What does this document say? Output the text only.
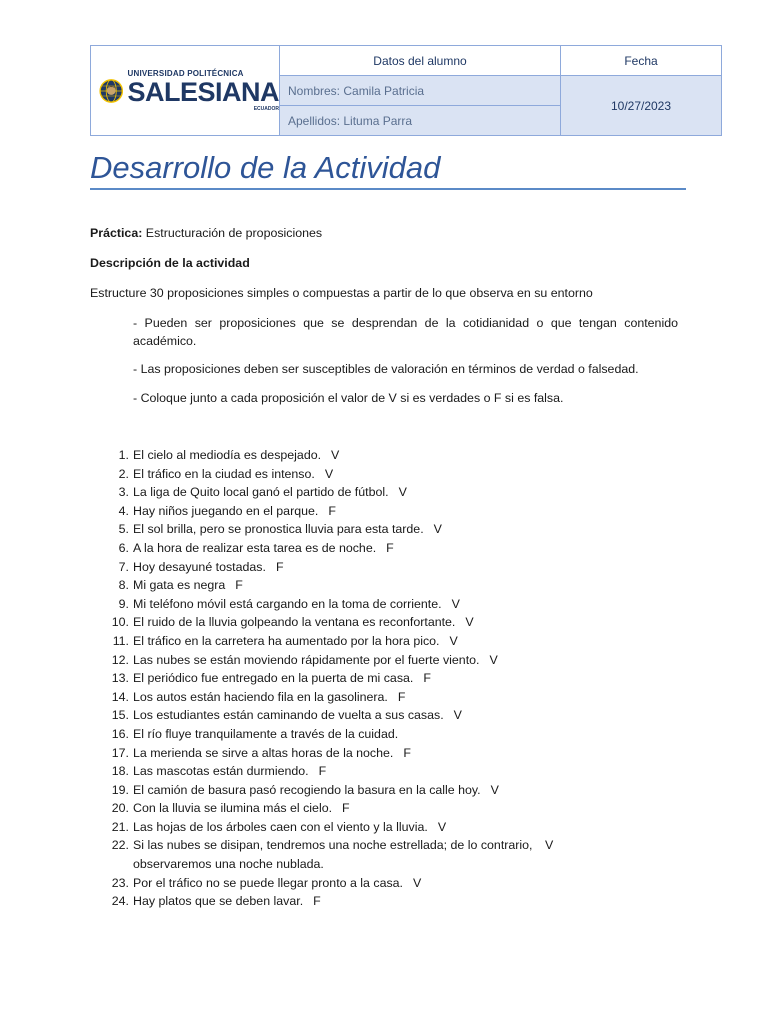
UNIVERSIDAD POLITÉCNICA
SALESIANA
ECUADOR	Datos del alumno	Fecha
	Nombres: Camila Patricia	10/27/2023
	Apellidos: Lituma Parra	
Desarrollo de la Actividad

Práctica: Estructuración de proposiciones

Descripción de la actividad

Estructure 30 proposiciones simples o compuestas a partir de lo que observa en su entorno

- Pueden ser proposiciones que se desprendan de la cotidianidad o que tengan contenido académico.

- Las proposiciones deben ser susceptibles de valoración en términos de verdad o falsedad.

- Coloque junto a cada proposición el valor de V si es verdades o F si es falsa.

1. El cielo al mediodía es despejado. V
2. El tráfico en la ciudad es intenso. V
3. La liga de Quito local ganó el partido de fútbol. V
4. Hay niños juegando en el parque. F
5. El sol brilla, pero se pronostica lluvia para esta tarde. V
6. A la hora de realizar esta tarea es de noche. F
7. Hoy desayuné tostadas. F
8. Mi gata es negra F
9. Mi teléfono móvil está cargando en la toma de corriente. V
10. El ruido de la lluvia golpeando la ventana es reconfortante. V
11. El tráfico en la carretera ha aumentado por la hora pico. V
12. Las nubes se están moviendo rápidamente por el fuerte viento. V
13. El periódico fue entregado en la puerta de mi casa. F
14. Los autos están haciendo fila en la gasolinera. F
15. Los estudiantes están caminando de vuelta a sus casas. V
16. El río fluye tranquilamente a través de la cuidad.
17. La merienda se sirve a altas horas de la noche. F
18. Las mascotas están durmiendo. F
19. El camión de basura pasó recogiendo la basura en la calle hoy. V
20. Con la lluvia se ilumina más el cielo. F
21. Las hojas de los árboles caen con el viento y la lluvia. V
22. Si las nubes se disipan, tendremos una noche estrellada; de lo contrario, V

observaremos una noche nublada.
23. Por el tráfico no se puede llegar pronto a la casa. V
24. Hay platos que se deben lavar. F
